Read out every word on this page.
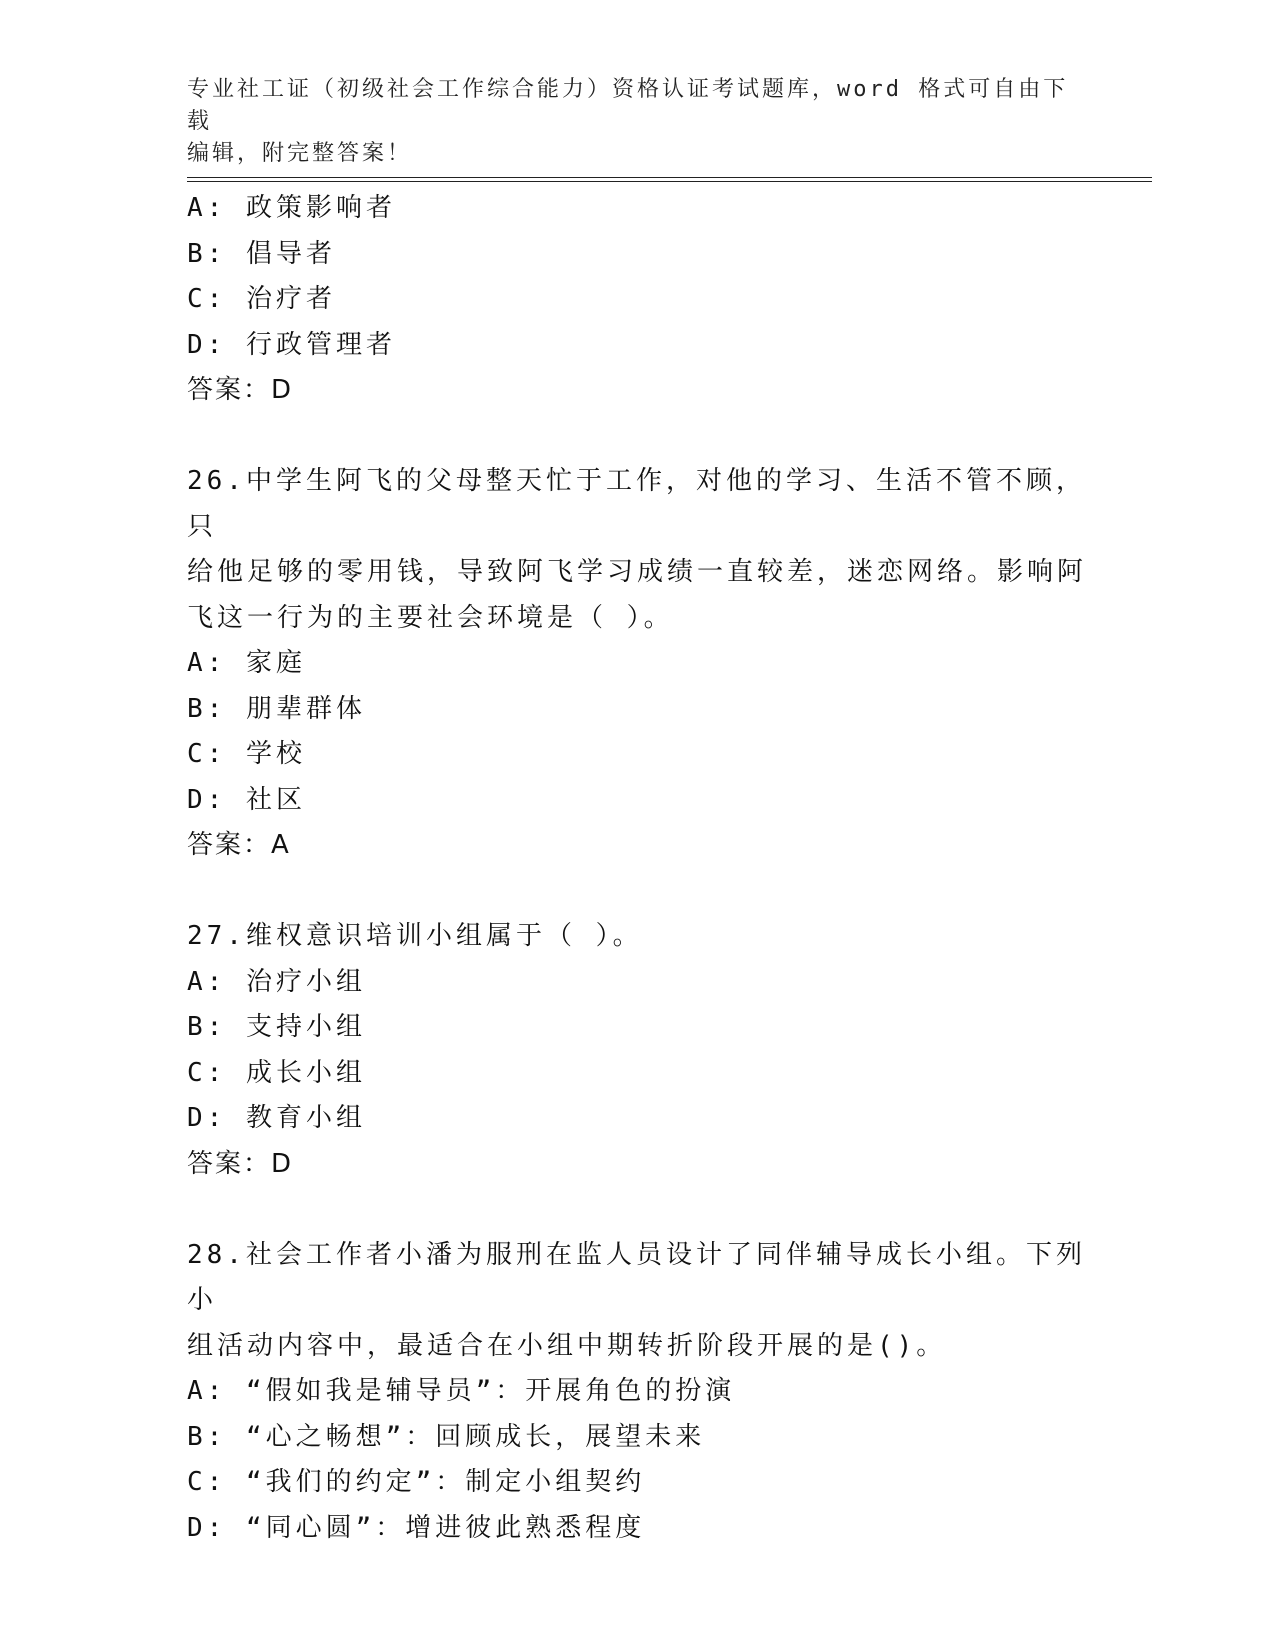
专业社工证（初级社会工作综合能力）资格认证考试题库，word 格式可自由下载
编辑，附完整答案！
A: 政策影响者
B: 倡导者
C: 治疗者
D: 行政管理者
答案：D
26.中学生阿飞的父母整天忙于工作，对他的学习、生活不管不顾，只
给他足够的零用钱，导致阿飞学习成绩一直较差，迷恋网络。影响阿
飞这一行为的主要社会环境是（ ）。
A: 家庭
B: 朋辈群体
C: 学校
D: 社区
答案：A
27.维权意识培训小组属于（ ）。
A: 治疗小组
B: 支持小组
C: 成长小组
D: 教育小组
答案：D
28.社会工作者小潘为服刑在监人员设计了同伴辅导成长小组。下列小
组活动内容中，最适合在小组中期转折阶段开展的是()。
A: “假如我是辅导员”：开展角色的扮演
B: “心之畅想”：回顾成长，展望未来
C: “我们的约定”：制定小组契约
D: “同心圆”：增进彼此熟悉程度
